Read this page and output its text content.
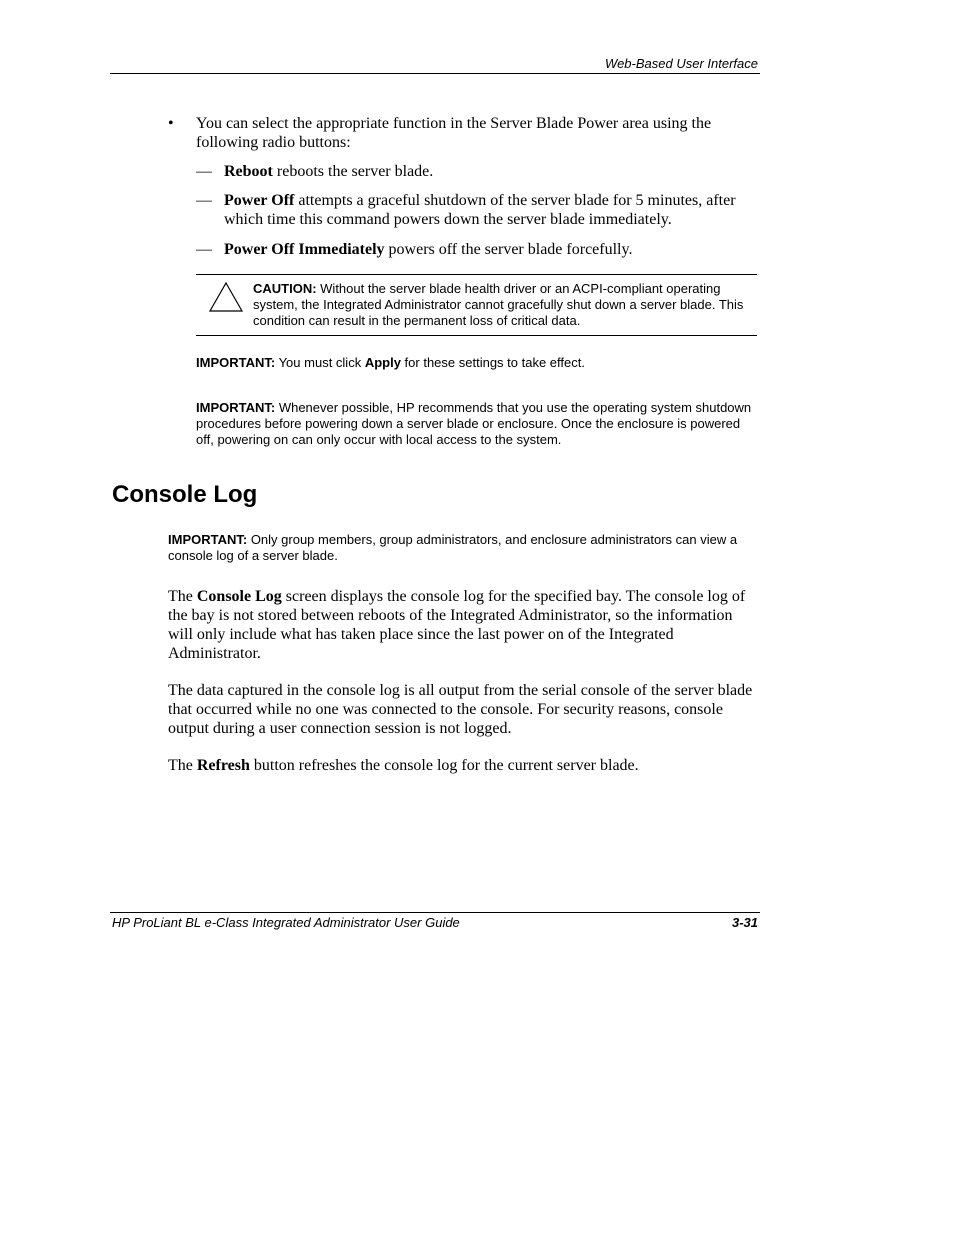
Web-Based User Interface
•	You can select the appropriate function in the Server Blade Power area using the following radio buttons:
— Reboot reboots the server blade.
— Power Off attempts a graceful shutdown of the server blade for 5 minutes, after which time this command powers down the server blade immediately.
— Power Off Immediately powers off the server blade forcefully.
CAUTION: Without the server blade health driver or an ACPI-compliant operating system, the Integrated Administrator cannot gracefully shut down a server blade. This condition can result in the permanent loss of critical data.
IMPORTANT: You must click Apply for these settings to take effect.
IMPORTANT: Whenever possible, HP recommends that you use the operating system shutdown procedures before powering down a server blade or enclosure. Once the enclosure is powered off, powering on can only occur with local access to the system.
Console Log
IMPORTANT: Only group members, group administrators, and enclosure administrators can view a console log of a server blade.
The Console Log screen displays the console log for the specified bay. The console log of the bay is not stored between reboots of the Integrated Administrator, so the information will only include what has taken place since the last power on of the Integrated Administrator.
The data captured in the console log is all output from the serial console of the server blade that occurred while no one was connected to the console. For security reasons, console output during a user connection session is not logged.
The Refresh button refreshes the console log for the current server blade.
HP ProLiant BL e-Class Integrated Administrator User Guide	3-31
